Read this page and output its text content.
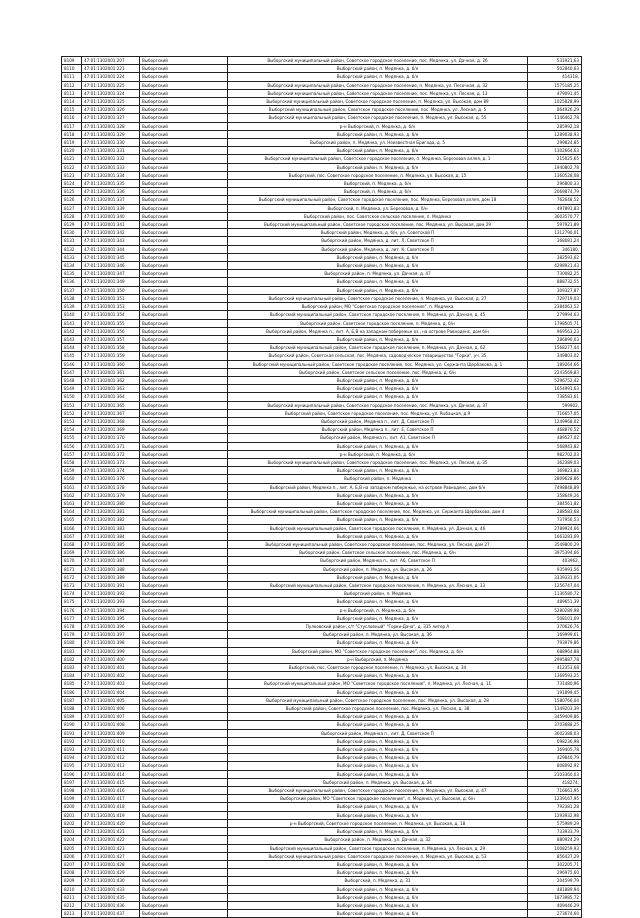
8109	47:01:1302001:207	Выборгский	Выборгский муниципальный район, Советское городское поселение, пос. Медянка, ул. Дачная, д. 26	531921,63
8110	47:01:1302001:221	Выборгский	Выборгский район, п. Медянка, д. б/н	502840,63
8111	47:01:1302001:224	Выборгский	Выборгский район, п. Медянка, д. б/н	414318,
8112	47:01:1302001:225	Выборгский	Выборгский муниципальный район, Советское городское поселение, п. Медянка, ул. Песочная, д. 32	1575185,25
8113	47:01:1302001:324	Выборгский	Выборгский муниципальный район, Советское городское поселение, пос. Медянка, ул. Лесная, д. 13	479091,45
8114	47:01:1302001:325	Выборгский	Выборгский муниципальный район, Советское городское поселение, п. Медянка, ул. Высокая, дом 89	1025828,99
8115	47:01:1302001:326	Выборгский	Выборгский муниципальный район, Советское городское поселение, пос. Медянка, ул. Лесная, д. 5	864926,29
8116	47:01:1302001:327	Выборгский	Выборгский муниципальный район, Советское городское поселение, п. Медянка, ул. Высокая, д. 55	1146462,78
8117	47:01:1302001:328	Выборгский	р-н Выборгский, п. Медянка, д. б/н	285992,18
8118	47:01:1302001:329	Выборгский	Выборгский район, п. Медянка, д. б/н	1289038,93
8119	47:01:1302001:330	Выборгский	Выборгский район, п. Медянка, ул. Неизвестная Бригада, д. 5	299824,85
8120	47:01:1302001:331	Выборгский	Выборгский район, п. Медянка, д. б/н	1302664,63
8121	47:01:1302001:332	Выборгский	Выборгский муниципальный район, Советское городское поселение, п. Медянка, Березовая аллея, д. 1	215025,65
8122	47:01:1302001:333	Выборгский	Выборгский район, п. Медянка, д. б/н	1940802,78
8123	47:01:1302001:334	Выборгский	Выборгский, пос. Советское городское поселение, п. Медянка, ул. Высокая, д. 15	1360528,08
8124	47:01:1302001:335	Выборгский	Выборгский, п. Медянка, д. б/н	296800,33
8125	47:01:1302001:336	Выборгский	Выборгский, п. Медянка, д. б/н	2069874,79
8126	47:01:1302001:337	Выборгский	Выборгский муниципальный район, Советское городское поселение, пос. Медянка, Березовая аллея, дом 18	762648,52
8127	47:01:1302001:339	Выборгский	Выборгский, п. Медянка, ул. Березовая, д. б/н	497891,83
8128	47:01:1302001:340	Выборгский	Выборгский район, пос. Советское сельское поселение, п. Медянка	3603570,77
8129	47:01:1302001:341	Выборгский	Выборгский муниципальный район, Советское городское поселение, пос. Медянка, ул. Высокая, дом 29	597921,89
8130	47:01:1302001:342	Выборгский	Выборгский район, Медянка, д. б/н, ул. Советской П	1312790,01
8131	47:01:1302001:343	Выборгский	Выборгский район, Медянка, д. лит. Л, Советское П	368081,24
8132	47:01:1302001:344	Выборгский	Выборгский район, Медянка, д. лит. К, Советское П	346180,
8133	47:01:1302001:345	Выборгский	Выборгский район, п. Медянка, д. б/н	382593,62
8134	47:01:1302001:346	Выборгский	Выборгский район, п. Медянка, д. б/н	4298921,43
8135	47:01:1302001:347	Выборгский	Выборгский район, п. Медянка, ул. Дачная, д. 47	730082,25
8136	47:01:1302001:349	Выборгский	Выборгский район, п. Медянка, д. б/н	888732,55
8137	47:01:1302001:350	Выборгский	Выборгский район, п. Медянка, д. б/н	309327,87
8138	47:01:1302001:351	Выборгский	Выборгский муниципальный район, Советское городское поселение, п. Медянка, ул. Высокая, д. 27	729719,03
8139	47:01:1302001:353	Выборгский	Выборгский район, МО "Советское городское поселение", п. Медянка	2384063,52
8140	47:01:1302001:354	Выборгский	Выборгский муниципальный район, Советское городское поселение, п. Медянка, ул. Дачная, д. 45	279994,63
8141	47:01:1302001:355	Выборгский	Выборгский район, Советское городское поселение, п. Медянка, д. б/н	1798505,71
8142	47:01:1302001:356	Выборгский	Выборгский район, Медянка п., лит. А, Б,В на западном побережье оз., на острове Равноденс, дом б/н	969563,23
8143	47:01:1302001:357	Выборгский	Выборгский район, п. Медянка, д. б/н	286890,03
8144	47:01:1302001:358	Выборгский	Выборгский муниципальный район, Советское городское поселение, п. Медянка, ул. Дачная, д. 62	1568277,44
8145	47:01:1302001:359	Выборгский	Выборгский район, Советская сельская, пос. Медянка, садоводческое товарищество "Горки", уч. 35	349803,02
8146	47:01:1302001:360	Выборгский	Выборгский муниципальный район, Советское городское поселение, пос. Медянка, ул. Сержанта Щербакова, д. 1	189264,66
8147	47:01:1302001:361	Выборгский	Выборгский район, Советское сельское поселение, пос. Медянка, д. б/н	2243569,83
8148	47:01:1302001:362	Выборгский	Выборгский район, п. Медянка, д. б/н	5296752,42
8149	47:01:1302001:363	Выборгский	Выборгский район, п. Медянка, д. б/н	1654991,63
8150	47:01:1302001:364	Выборгский	Выборгский район, п. Медянка, д. б/н	738583,61
8151	47:01:1302001:365	Выборгский	Выборгский муниципальный район, Советское городское поселение, пос. Медянка, ул. Дачная, д. 37	599902,
8152	47:01:1302001:367	Выборгский	Выборгский район, Советское городское поселение, пос. Медянка, ул. Рыбацкая, д.9	716657,05
8153	47:01:1302001:368	Выборгский	Выборгский район, Медянка п., лит. Д, Советское П	1249968,02
8154	47:01:1302001:369	Выборгский	Выборгский район, Медянка п., лит. Е, Советское П	468876,52
8155	47:01:1302001:370	Выборгский	Выборгский район, Медянка п., лит. А1, Советское П	489527,02
8156	47:01:1302001:371	Выборгский	Выборгский район, п. Медянка, д. б/н	568943,82
8157	47:01:1302001:372	Выборгский	р-н Выборгский, п. Медянка, д. б/н	982702,03
8158	47:01:1302001:373	Выборгский	Выборгский муниципальный район, Советское городское поселение, пос. Медянка, ул. Лесная, д. 35	362389,03
8159	47:01:1302001:374	Выборгский	Выборгский район, п. Медянка, д. б/н	369823,83
8160	47:01:1302001:376	Выборгский	Выборгский район, п. Медянка	2809628,86
8161	47:01:1302001:378	Выборгский	Выборгский район, Медянка п., лит. А, Б,В на западном побережье, на острове Равноденс, дом б/н	7498848,89
8162	47:01:1302001:379	Выборгский	Выборгский район, п. Медянка, д. б/н	358649,26
8163	47:01:1302001:380	Выборгский	Выборгский район, п. Медянка, д. б/н	384561,82
8164	47:01:1302001:381	Выборгский	Выборгский муниципальный район, Советское городское поселение, пос. Медянка, ул. Сержанта Щербакова, дом 4	288583,68
8165	47:01:1302001:382	Выборгский	Выборгский район, п. Медянка, д. б/н	737956,53
8166	47:01:1302001:383	Выборгский	Выборгский муниципальный район, Советское городское поселение, п. Медянка, ул. Дачная, д. 46	2789924,66
8167	47:01:1302001:384	Выборгский	Выборгский район, п. Медянка, д. б/н	1663283,69
8168	47:01:1302001:385	Выборгский	Выборгский муниципальный район, Советское городское поселение, пос. Медянка, ул. Лесная, дом 27	3549800,29
8169	47:01:1302001:386	Выборгский	Выборгский район, Советское сельское поселение, пос. Медянка, д. б/н	3975394,66
8170	47:01:1302001:387	Выборгский	Выборгский район, Медянка п., лит. А6, Советское П	403962,
8171	47:01:1302001:388	Выборгский	Выборгский район, п. Медянка, ул. Высокая, д. 26	935993,56
8172	47:01:1302001:389	Выборгский	Выборгский район, п. Медянка, д. б/н	3339331,05
8173	47:01:1302001:391	Выборгский	Выборгский муниципальный район, Советское городское поселение, п. Медянка, ул. Лесная, д. 33	1256747,04
8174	47:01:1302001:392	Выборгский	Выборгский район, п. Медянка	1136580,72
8175	47:01:1302001:393	Выборгский	Выборгский район, п. Медянка, д. б/н	489651,39
8176	47:01:1302001:394	Выборгский	р-н Выборгский, п. Медянка, д. б/н	5280289,98
8177	47:01:1302001:395	Выборгский	Выборгский район, п. Медянка, д. б/н	508101,69
8178	47:01:1302001:396	Выборгский	Пулковский район, с/т "Стусловный" "Горки-Дача", д. 335 литер А	370626,76
8179	47:01:1302001:397	Выборгский	Выборгский район, п. Медянка, ул. Высокая, д. 36	169999,61
8180	47:01:1302001:398	Выборгский	Выборгский район, п. Медянка, д. б/н	793979,86
8181	47:01:1302001:399	Выборгский	Выборгский район, МО "Советское городское поселение", пос. Медянка, д. б/н	688964,88
8182	47:01:1302001:400	Выборгский	р-н Выборгский, п. Медянка	2995887,78
8183	47:01:1302001:401	Выборгский	Выборгский, пос. Советское городское поселение, п. Медянка, ул. Высокая, д. 34	412353,68
8184	47:01:1302001:402	Выборгский	Выборгский район, п. Медянка, д. б/н	1369593,25
8185	47:01:1302001:403	Выборгский	Выборгский муниципальный район, МО "Советское городское поселение", п. Медянка, ул. Лесная, д. 11	731480,96
8186	47:01:1302001:404	Выборгский	Выборгский район, п. Медянка, д. б/н	191899,45
8187	47:01:1302001:405	Выборгский	Выборгский муниципальный район, Советское городское поселение, пос. Медянка, ул. Высокая, д. 28	1580766,04
8188	47:01:1302001:406	Выборгский	Выборгский район, Советское городское поселение, пос. Медянка, ул. Лесная, д. 38	1349203,39
8189	47:01:1302001:407	Выборгский	Выборгский район, п. Медянка, д. б/н	3459409,86
8190	47:01:1302001:408	Выборгский	Выборгский район, п. Медянка, д. б/н	3703688,25
8191	47:01:1302001:409	Выборгский	Выборгский район, Медянка п., лит. Д, Советское П	3602388,03
8192	47:01:1302001:410	Выборгский	Выборгский район, п. Медянка, д. б/н	698236,98
8193	47:01:1302001:411	Выборгский	Выборгский район, п. Медянка, д. б/н	369405,78
8194	47:01:1302001:412	Выборгский	Выборгский район, п. Медянка, д. б/н	429840,79
8195	47:01:1302001:413	Выборгский	Выборгский район, п. Медянка, д. б/н	808092,92
8196	47:01:1302001:414	Выборгский	Выборгский район, п. Медянка, д. б/н	2103360,03
8197	47:01:1302001:415	Выборгский	Выборгский район, п. Медянка, ул. Высокая, д. 34	418274,
8198	47:01:1302001:416	Выборгский	Выборгский муниципальный район, Советское городское поселение, п. Медянка, ул. Высокая, д. 47	716661,95
8199	47:01:1302001:417	Выборгский	Выборгский район, МО "Советское городское поселение", п. Медянка, ул. Высокая, д. б/н	1239167,95
8200	47:01:1302001:418	Выборгский	Выборгский район, п. Медянка, д. б/н	792381,28
8201	47:01:1302001:419	Выборгский	Выборгский район, п. Медянка, д. б/н	1293932,98
8202	47:01:1302001:420	Выборгский	р-н Выборгский, Советское городское поселение, п. Медянка, ул. Высокая, д. 18	575989,29
8203	47:01:1302001:421	Выборгский	Выборгский район, п. Медянка, д. б/н	733933,79
8204	47:01:1302001:422	Выборгский	Выборгский район, п. Медянка, ул. Дачная, д. 32	880924,29
8205	47:01:1302001:423	Выборгский	Выборгский муниципальный район, Советское городское поселение, п. Медянка, ул. Лесная, д. 29	1008259,93
8206	47:01:1302001:427	Выборгский	Выборгский муниципальный район, Советское городское поселение, п. Медянка, ул. Высокая, д. 53	856427,29
8207	47:01:1302001:428	Выборгский	Выборгский район, п. Медянка, д. б/н	302205,71
8208	47:01:1302001:429	Выборгский	Выборгский район, п. Медянка, д. б/н	296975,60
8209	47:01:1302001:430	Выборгский	Выборгский, п. Медянка, д. 31	204599,79
8210	47:01:1302001:433	Выборгский	Выборгский район, п. Медянка, д. б/н	481889,94
8211	47:01:1302001:435	Выборгский	Выборгский район, п. Медянка, д. б/н	1873985,72
8212	47:01:1302001:436	Выборгский	Выборгский район, п. Медянка, д. б/н	409446,29
8213	47:01:1302001:437	Выборгский	Выборгский район, п. Медянка, д. б/н	273674,60
